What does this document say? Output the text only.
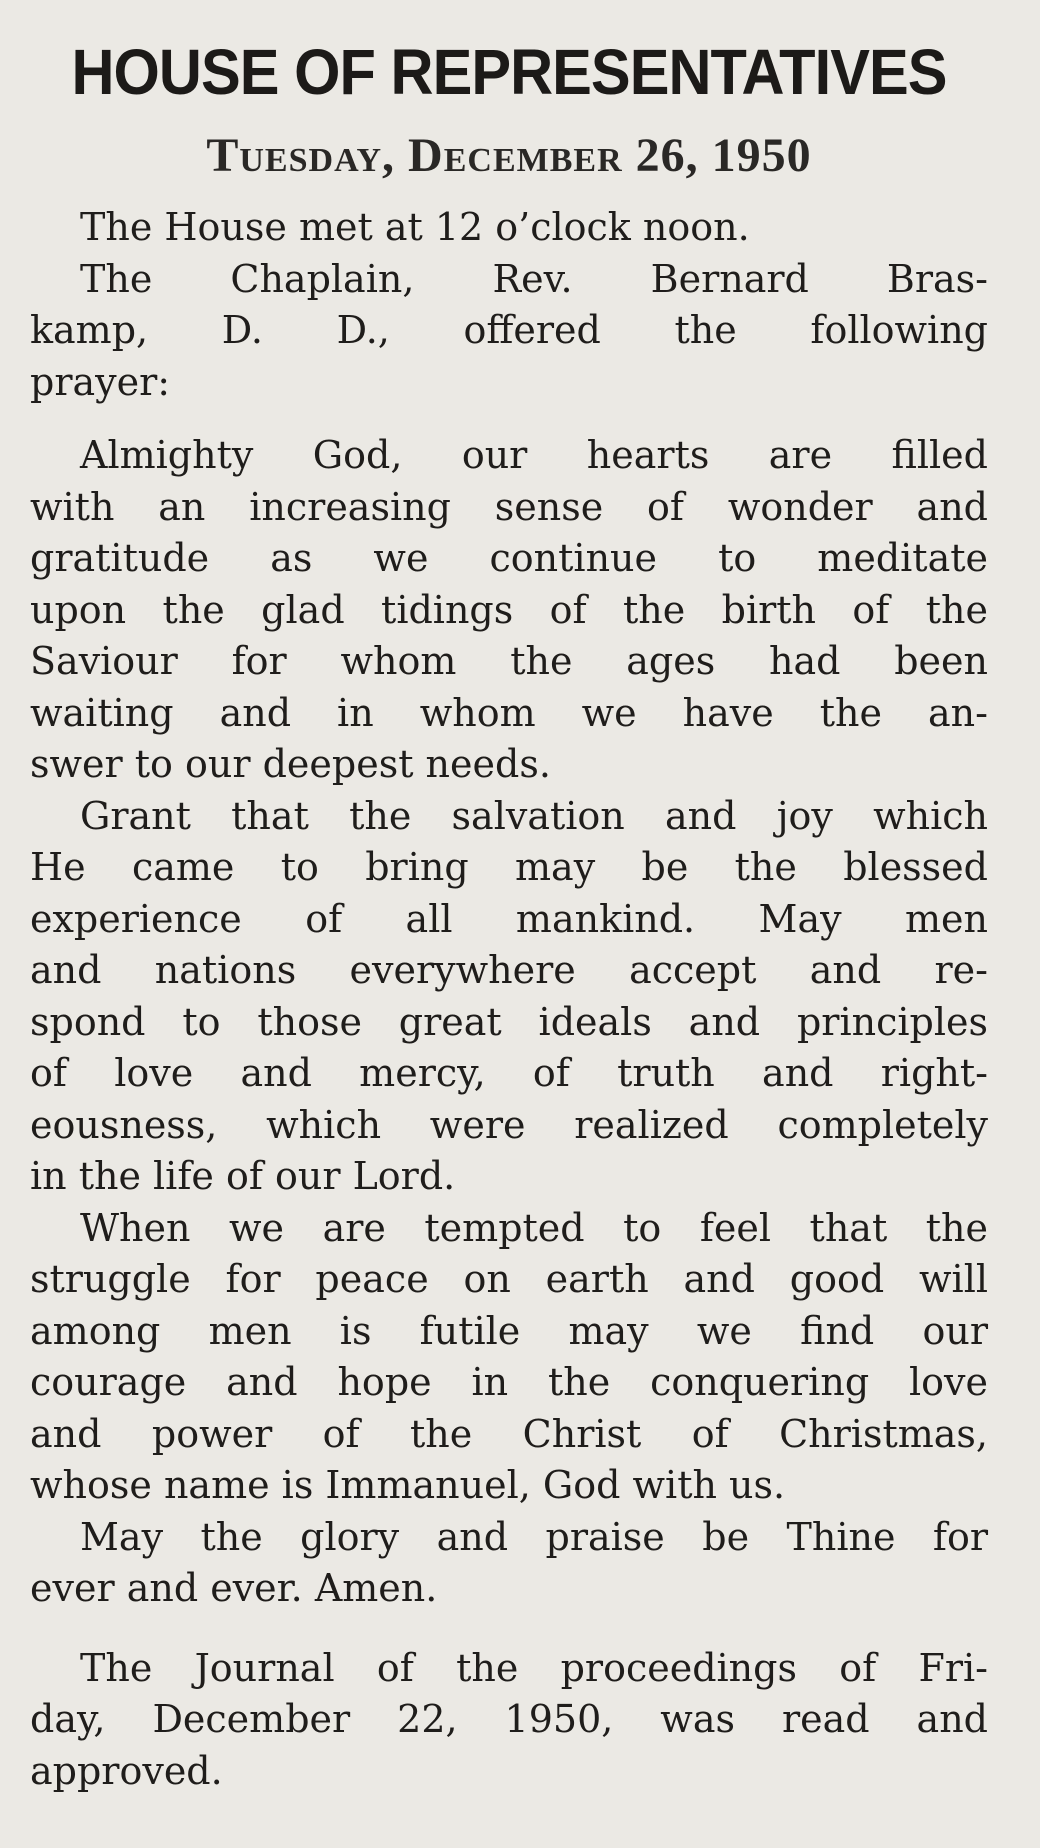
HOUSE OF REPRESENTATIVES
Tuesday, December 26, 1950
The House met at 12 o’clock noon.
The Chaplain, Rev. Bernard Bras-
kamp, D. D., offered the following
prayer:
Almighty God, our hearts are filled
with an increasing sense of wonder and
gratitude as we continue to meditate
upon the glad tidings of the birth of the
Saviour for whom the ages had been
waiting and in whom we have the an-
swer to our deepest needs.
Grant that the salvation and joy which
He came to bring may be the blessed
experience of all mankind. May men
and nations everywhere accept and re-
spond to those great ideals and principles
of love and mercy, of truth and right-
eousness, which were realized completely
in the life of our Lord.
When we are tempted to feel that the
struggle for peace on earth and good will
among men is futile may we find our
courage and hope in the conquering love
and power of the Christ of Christmas,
whose name is Immanuel, God with us.
May the glory and praise be Thine for
ever and ever. Amen.
The Journal of the proceedings of Fri-
day, December 22, 1950, was read and
approved.
